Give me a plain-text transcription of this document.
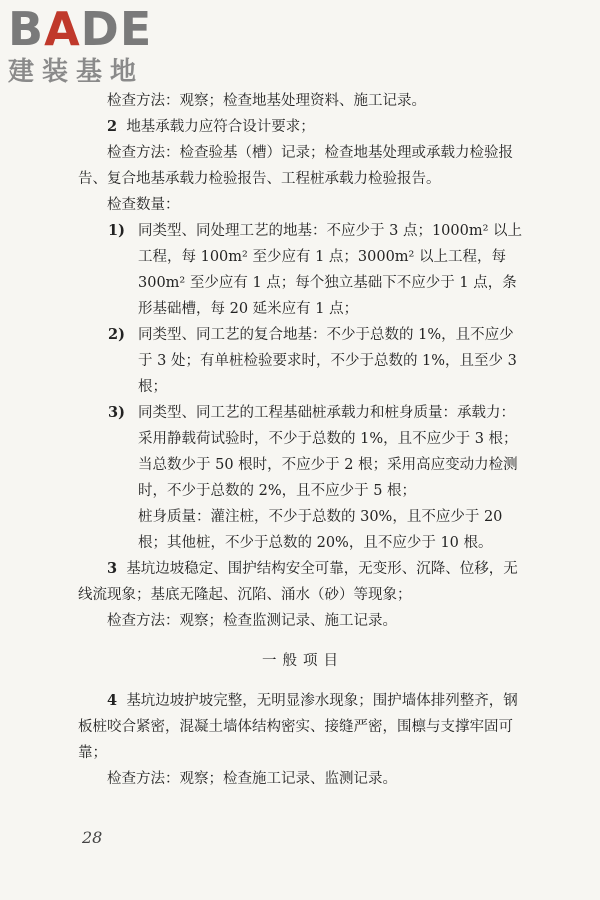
BADE
建装基地

检查方法：观察；检查地基处理资料、施工记录。

2 地基承载力应符合设计要求；

检查方法：检查验基（槽）记录；检查地基处理或承载力检验报告、复合地基承载力检验报告、工程桩承载力检验报告。

检查数量：

1) 同类型、同处理工艺的地基：不应少于 3 点；1000m² 以上工程，每 100m² 至少应有 1 点；3000m² 以上工程，每 300m² 至少应有 1 点；每个独立基础下不应少于 1 点，条形基础槽，每 20 延米应有 1 点；
2) 同类型、同工艺的复合地基：不少于总数的 1%，且不应少于 3 处；有单桩检验要求时，不少于总数的 1%，且至少 3 根；
3) 同类型、同工艺的工程基础桩承载力和桩身质量：承载力：采用静载荷试验时，不少于总数的 1%，且不应少于 3 根；当总数少于 50 根时，不应少于 2 根；采用高应变动力检测时，不少于总数的 2%，且不应少于 5 根；

桩身质量：灌注桩，不少于总数的 30%，且不应少于 20 根；其他桩，不少于总数的 20%，且不应少于 10 根。

3 基坑边坡稳定、围护结构安全可靠，无变形、沉降、位移，无线流现象；基底无隆起、沉陷、涌水（砂）等现象；

检查方法：观察；检查监测记录、施工记录。

一般项目

4 基坑边坡护坡完整，无明显渗水现象；围护墙体排列整齐，钢板桩咬合紧密，混凝土墙体结构密实、接缝严密，围檩与支撑牢固可靠；

检查方法：观察；检查施工记录、监测记录。

28
